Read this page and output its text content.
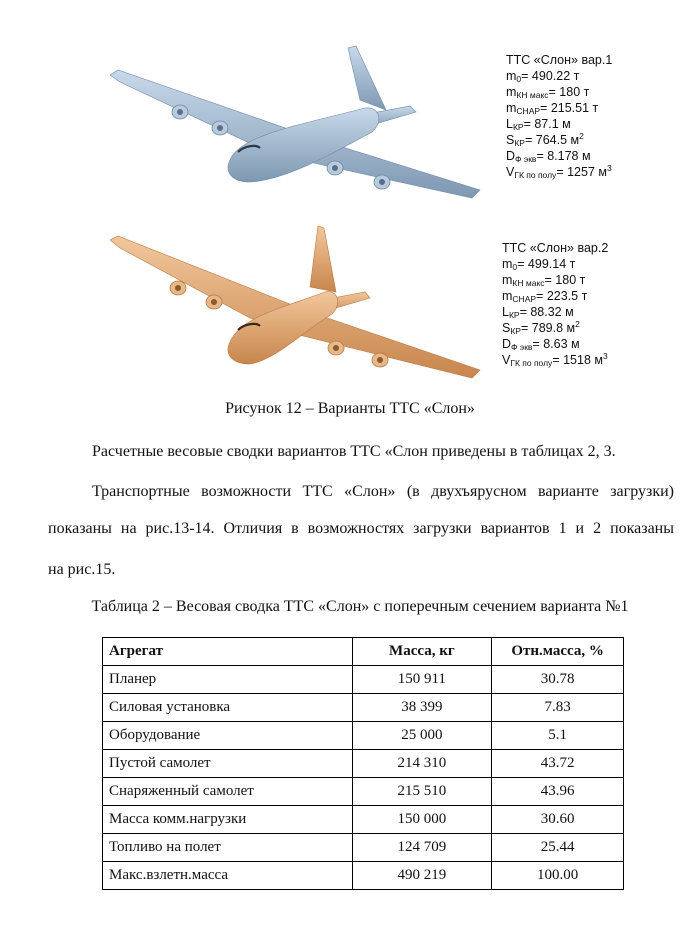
ТТС «Слон» вар.1
$m_0= 490.22$ т
$m_{КН макс}= 180$ т
$m_{СНАР}= 215.51$ т
$L_{КР}= 87.1$ м
$S_{КР}= 764.5$ $м^2$
$D_{Ф экв}= 8.178$ м
$V_{ГК по полу}= 1257$ $м^3$
ТТС «Слон» вар.2
$m_0= 499.14$ т
$m_{КН макс}= 180$ т
$m_{СНАР}= 223.5$ т
$L_{КР}= 88.32$ м
$S_{КР}= 789.8$ $м^2$
$D_{Ф экв}= 8.63$ м
$V_{ГК по полу}= 1518$ $м^3$
Рисунок 12 – Варианты ТТС «Слон»
Расчетные весовые сводки вариантов ТТС «Слон приведены в таблицах 2, 3.
Транспортные возможности ТТС «Слон» (в двухъярусном варианте загрузки)
показаны на рис.13-14. Отличия в возможностях загрузки вариантов 1 и 2 показаны
на рис.15.
Таблица 2 – Весовая сводка ТТС «Слон» с поперечным сечением варианта №1
Агрегат	Масса, кг	Отн.масса, %
Планер	150 911	30.78
Силовая установка	38 399	7.83
Оборудование	25 000	5.1
Пустой самолет	214 310	43.72
Снаряженный самолет	215 510	43.96
Масса комм.нагрузки	150 000	30.60
Топливо на полет	124 709	25.44
Макс.взлетн.масса	490 219	100.00
